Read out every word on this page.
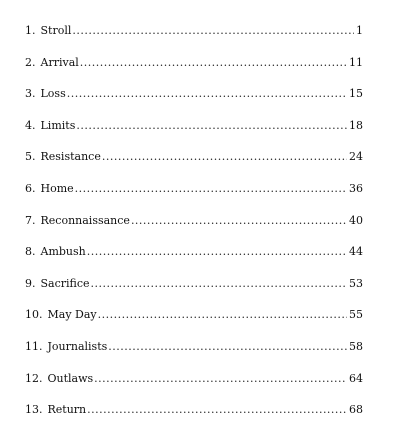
1. Stroll .....	1
2. Arrival .....	11
3. Loss .....	15
4. Limits .....	18
5. Resistance .....	24
6. Home .....	36
7. Reconnaissance .....	40
8. Ambush .....	44
9. Sacrifice .....	53
10. May Day .....	55
11. Journalists .....	58
12. Outlaws .....	64
13. Return .....	68
